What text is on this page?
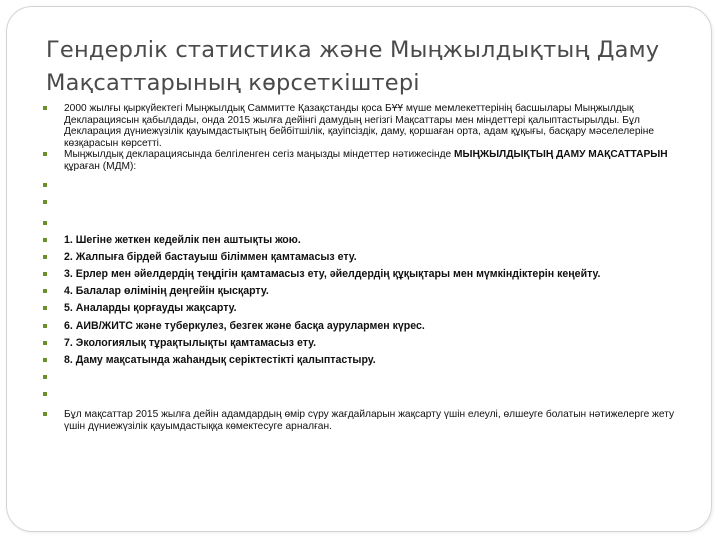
Гендерлік статистика және Мыңжылдықтың Даму
Мақсаттарының көрсеткіштері
2000 жылғы қыркүйектегі Мыңжылдық Саммитте Қазақстанды қоса БҰҰ мүше мемлекеттерінің басшылары Мыңжылдық Декларациясын қабылдады, онда 2015 жылға дейінгі дамудың негізгі Мақсаттары мен міндеттері қалыптастырылды. Бұл Декларация дүниежүзілік қауымдастықтың бейбітшілік, қауіпсіздік, даму, қоршаған орта, адам құқығы, басқару мәселелеріне көзқарасын көрсетті.
Мыңжылдық декларациясында белгіленген сегіз маңызды міндеттер нәтижесінде МЫҢЖЫЛДЫҚТЫҢ ДАМУ МАҚСАТТАРЫН құраған (МДМ):
1. Шегіне жеткен кедейлік пен аштықты жою.
2. Жалпыға бірдей бастауыш біліммен қамтамасыз ету.
3. Ерлер мен әйелдердің теңдігін қамтамасыз ету, әйелдердің құқықтары мен мүмкіндіктерін кеңейту.
4. Балалар өлімінің деңгейін қысқарту.
5. Аналарды қорғауды жақсарту.
6. АИВ/ЖИТС және туберкулез, безгек және басқа аурулармен күрес.
7. Экологиялық тұрақтылықты қамтамасыз ету.
8. Даму мақсатында жаһандық серіктестікті қалыптастыру.
Бұл мақсаттар 2015 жылға дейін адамдардың өмір сүру жағдайларын жақсарту үшін елеулі, өлшеуге болатын нәтижелерге жету үшін дүниежүзілік қауымдастыққа көмектесуге арналған.
